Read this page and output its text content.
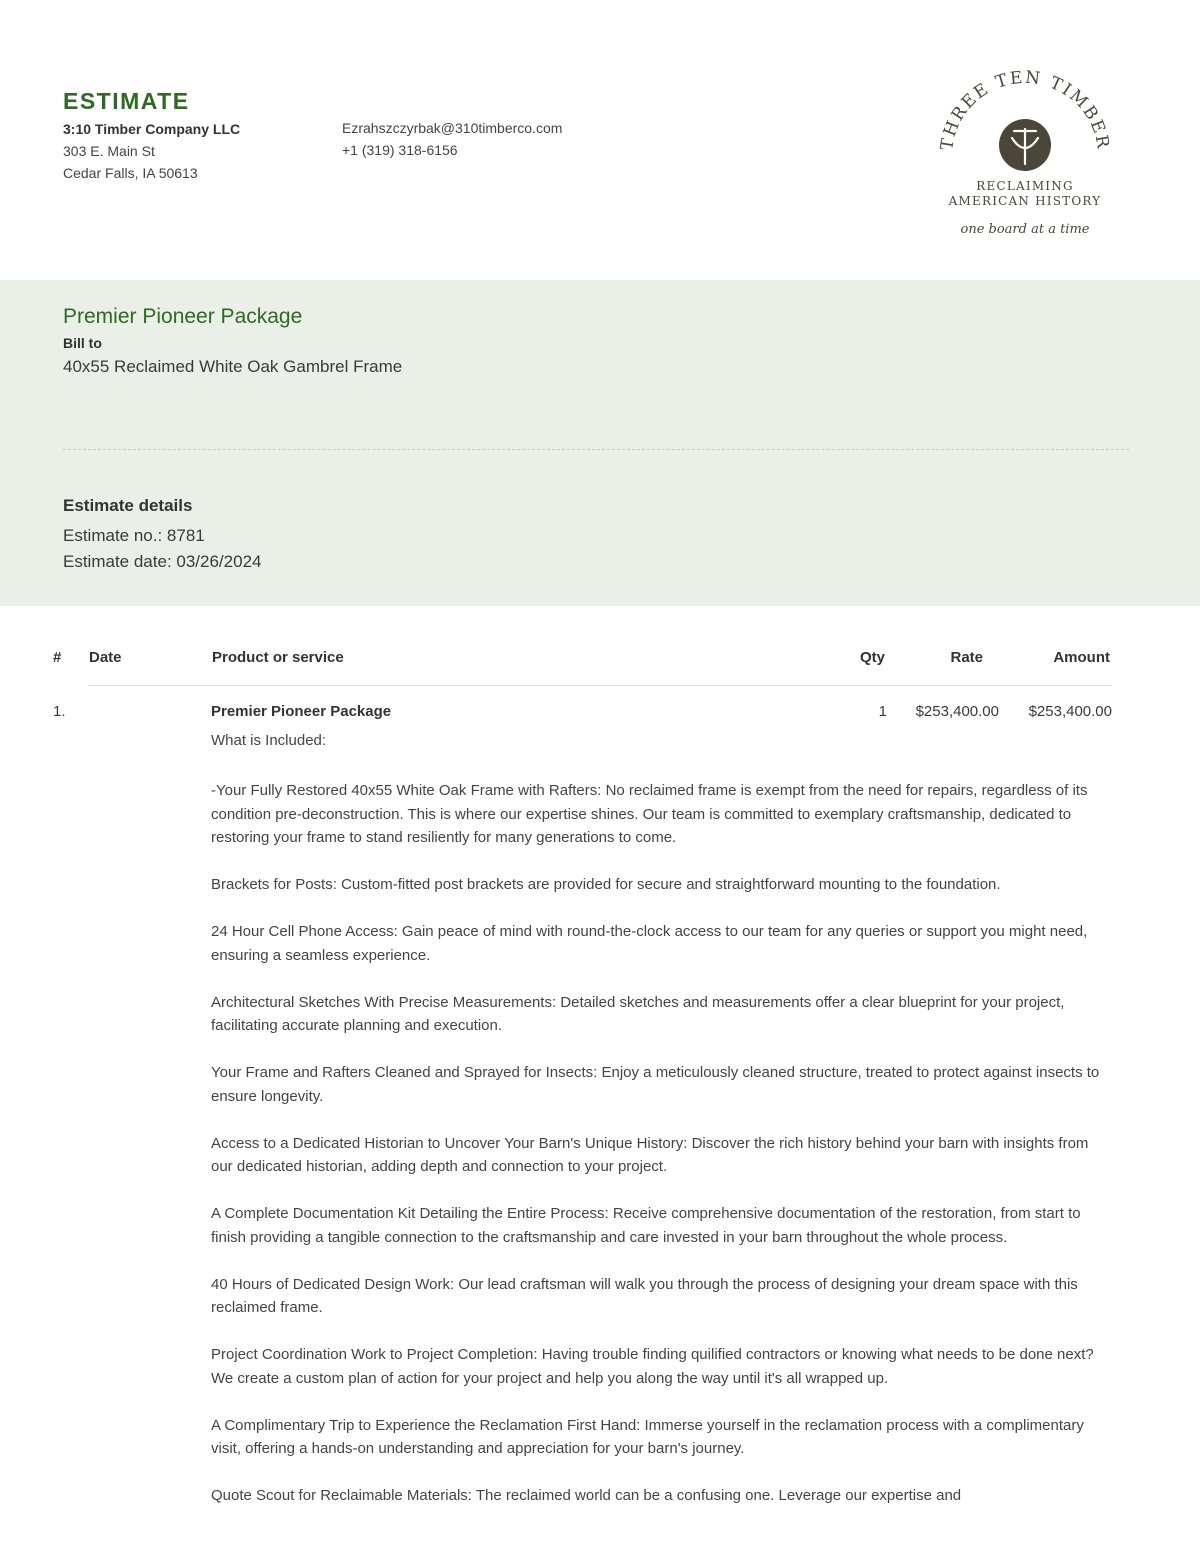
ESTIMATE
3:10 Timber Company LLC
303 E. Main St
Cedar Falls, IA 50613
Ezrahszczyrbak@310timberco.com
+1 (319) 318-6156	THREE TEN TIMBER
RECLAIMING
AMERICAN HISTORY
one board at a time
Premier Pioneer Package
Bill to
40x55 Reclaimed White Oak Gambrel Frame
Estimate details
Estimate no.: 8781
Estimate date: 03/26/2024
# Date	Product or service	Qty	Rate	Amount
1.	Premier Pioneer Package	1	$253,400.00	$253,400.00
What is Included:

-Your Fully Restored 40x55 White Oak Frame with Rafters: No reclaimed frame is exempt from the need for repairs, regardless of its condition pre-deconstruction. This is where our expertise shines. Our team is committed to exemplary craftsmanship, dedicated to restoring your frame to stand resiliently for many generations to come.

Brackets for Posts: Custom-fitted post brackets are provided for secure and straightforward mounting to the foundation.

24 Hour Cell Phone Access: Gain peace of mind with round-the-clock access to our team for any queries or support you might need, ensuring a seamless experience.

Architectural Sketches With Precise Measurements: Detailed sketches and measurements offer a clear blueprint for your project, facilitating accurate planning and execution.

Your Frame and Rafters Cleaned and Sprayed for Insects: Enjoy a meticulously cleaned structure, treated to protect against insects to ensure longevity.

Access to a Dedicated Historian to Uncover Your Barn's Unique History: Discover the rich history behind your barn with insights from our dedicated historian, adding depth and connection to your project.

A Complete Documentation Kit Detailing the Entire Process: Receive comprehensive documentation of the restoration, from start to finish providing a tangible connection to the craftsmanship and care invested in your barn throughout the whole process.

40 Hours of Dedicated Design Work: Our lead craftsman will walk you through the process of designing your dream space with this reclaimed frame.

Project Coordination Work to Project Completion: Having trouble finding quilified contractors or knowing what needs to be done next? We create a custom plan of action for your project and help you along the way until it's all wrapped up.

A Complimentary Trip to Experience the Reclamation First Hand: Immerse yourself in the reclamation process with a complimentary visit, offering a hands-on understanding and appreciation for your barn's journey.

Quote Scout for Reclaimable Materials: The reclaimed world can be a confusing one. Leverage our expertise and
